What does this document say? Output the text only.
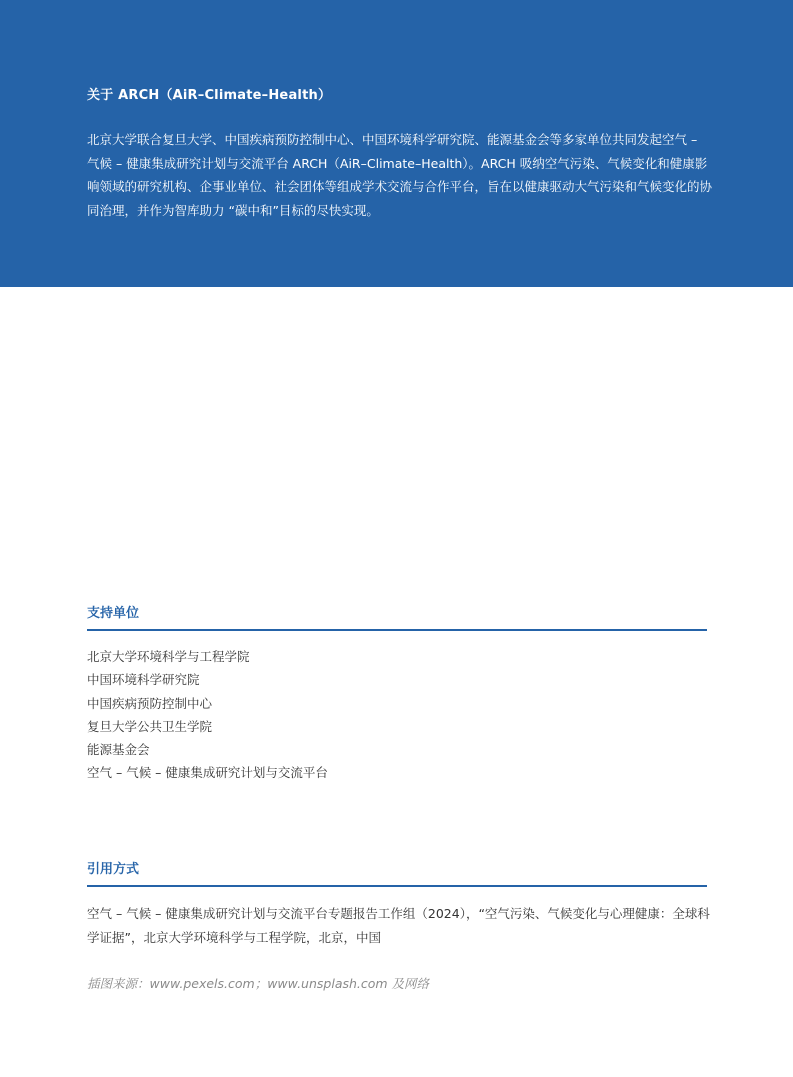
关于 ARCH（AiR–Climate–Health）
北京大学联合复旦大学、中国疾病预防控制中心、中国环境科学研究院、能源基金会等多家单位共同发起空气 – 气候 – 健康集成研究计划与交流平台 ARCH（AiR–Climate–Health）。ARCH 吸纳空气污染、气候变化和健康影响领域的研究机构、企事业单位、社会团体等组成学术交流与合作平台，旨在以健康驱动大气污染和气候变化的协同治理，并作为智库助力 “碳中和”目标的尽快实现。
支持单位
北京大学环境科学与工程学院
中国环境科学研究院
中国疾病预防控制中心
复旦大学公共卫生学院
能源基金会
空气 – 气候 – 健康集成研究计划与交流平台
引用方式
空气 – 气候 – 健康集成研究计划与交流平台专题报告工作组（2024），“空气污染、气候变化与心理健康：全球科学证据”，北京大学环境科学与工程学院，北京，中国
插图来源：www.pexels.com；www.unsplash.com 及网络
